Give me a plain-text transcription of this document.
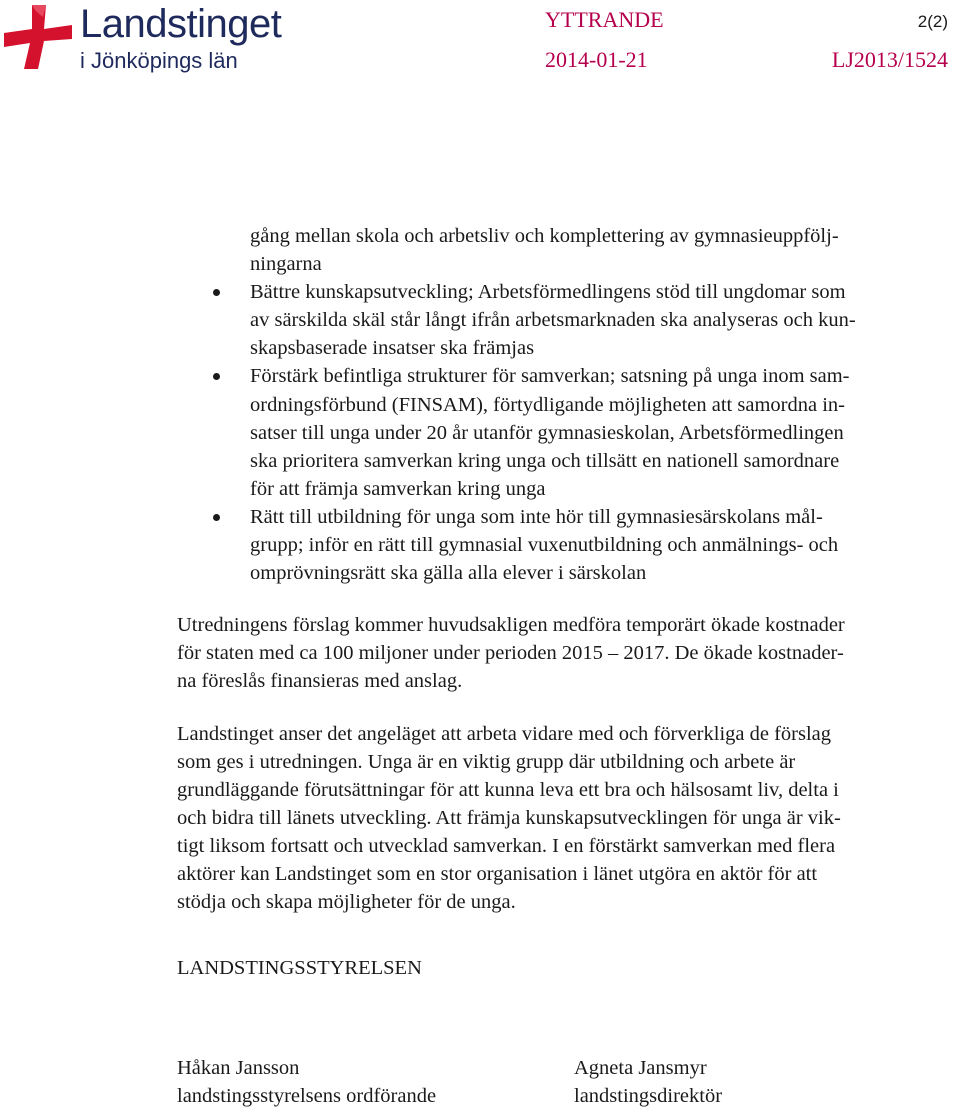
Landstinget
i Jönköpings län
YTTRANDE	2(2)
2014-01-21	LJ2013/1524
gång mellan skola och arbetsliv och komplettering av gymnasieuppfölj-
ningarna
Bättre kunskapsutveckling; Arbetsförmedlingens stöd till ungdomar som
av särskilda skäl står långt ifrån arbetsmarknaden ska analyseras och kun-
skapsbaserade insatser ska främjas
Förstärk befintliga strukturer för samverkan; satsning på unga inom sam-
ordningsförbund (FINSAM), förtydligande möjligheten att samordna in-
satser till unga under 20 år utanför gymnasieskolan, Arbetsförmedlingen
ska prioritera samverkan kring unga och tillsätt en nationell samordnare
för att främja samverkan kring unga
Rätt till utbildning för unga som inte hör till gymnasiesärskolans mål-
grupp; inför en rätt till gymnasial vuxenutbildning och anmälnings- och
omprövningsrätt ska gälla alla elever i särskolan
Utredningens förslag kommer huvudsakligen medföra temporärt ökade kostnader
för staten med ca 100 miljoner under perioden 2015 – 2017. De ökade kostnader-
na föreslås finansieras med anslag.
Landstinget anser det angeläget att arbeta vidare med och förverkliga de förslag
som ges i utredningen. Unga är en viktig grupp där utbildning och arbete är
grundläggande förutsättningar för att kunna leva ett bra och hälsosamt liv, delta i
och bidra till länets utveckling. Att främja kunskapsutvecklingen för unga är vik-
tigt liksom fortsatt och utvecklad samverkan. I en förstärkt samverkan med flera
aktörer kan Landstinget som en stor organisation i länet utgöra en aktör för att
stödja och skapa möjligheter för de unga.
LANDSTINGSSTYRELSEN
Håkan Jansson
landstingsstyrelsens ordförande
Agneta Jansmyr
landstingsdirektör
